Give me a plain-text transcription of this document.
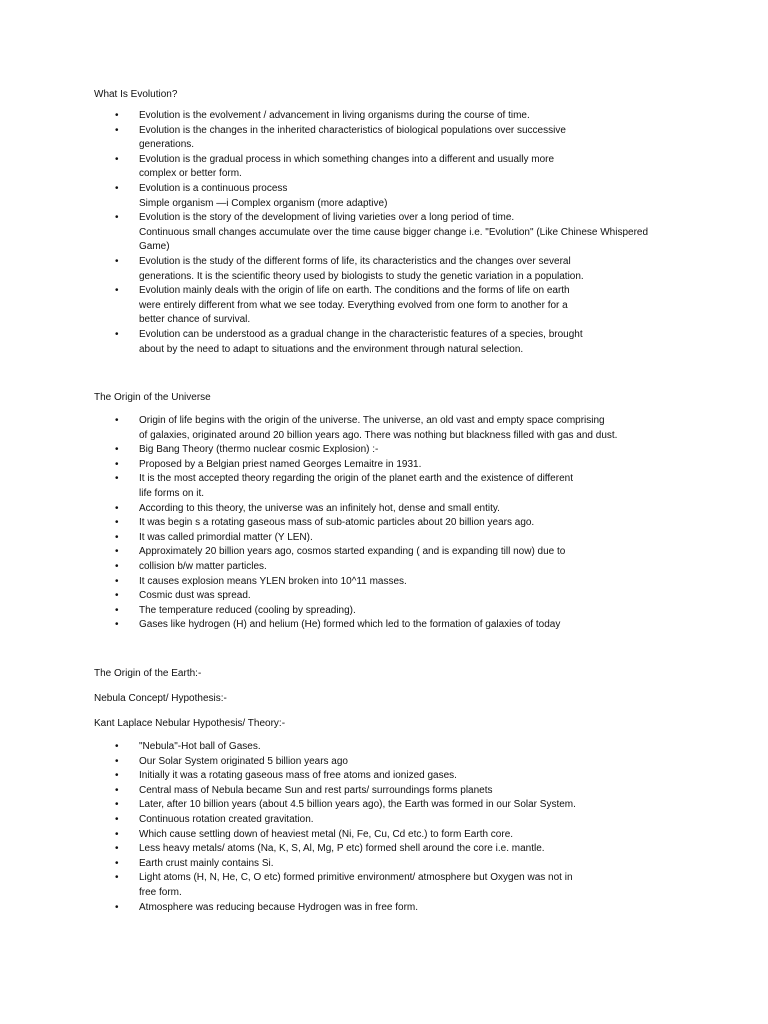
What Is Evolution?
• Evolution is the evolvement / advancement in living organisms during the course of time.
• Evolution is the changes in the inherited characteristics of biological populations over successive
generations.
• Evolution is the gradual process in which something changes into a different and usually more
complex or better form.
• Evolution is a continuous process
Simple organism —i Complex organism (more adaptive)
• Evolution is the story of the development of living varieties over a long period of time.
Continuous small changes accumulate over the time cause bigger change i.e. "Evolution" (Like Chinese Whispered
Game)
• Evolution is the study of the different forms of life, its characteristics and the changes over several
generations. It is the scientific theory used by biologists to study the genetic variation in a population.
• Evolution mainly deals with the origin of life on earth. The conditions and the forms of life on earth
were entirely different from what we see today. Everything evolved from one form to another for a
better chance of survival.
• Evolution can be understood as a gradual change in the characteristic features of a species, brought
about by the need to adapt to situations and the environment through natural selection.
The Origin of the Universe
• Origin of life begins with the origin of the universe. The universe, an old vast and empty space comprising
of galaxies, originated around 20 billion years ago. There was nothing but blackness filled with gas and dust.
• Big Bang Theory (thermo nuclear cosmic Explosion) :-
• Proposed by a Belgian priest named Georges Lemaitre in 1931.
• It is the most accepted theory regarding the origin of the planet earth and the existence of different
life forms on it.
• According to this theory, the universe was an infinitely hot, dense and small entity.
• It was begin s a rotating gaseous mass of sub-atomic particles about 20 billion years ago.
• It was called primordial matter (Y LEN).
• Approximately 20 billion years ago, cosmos started expanding ( and is expanding till now) due to
• collision b/w matter particles.
• It causes explosion means YLEN broken into 10^11 masses.
• Cosmic dust was spread.
• The temperature reduced (cooling by spreading).
• Gases like hydrogen (H) and helium (He) formed which led to the formation of galaxies of today
The Origin of the Earth:-
Nebula Concept/ Hypothesis:-
Kant Laplace Nebular Hypothesis/ Theory:-
• "Nebula"-Hot ball of Gases.
• Our Solar System originated 5 billion years ago
• Initially it was a rotating gaseous mass of free atoms and ionized gases.
• Central mass of Nebula became Sun and rest parts/ surroundings forms planets
• Later, after 10 billion years (about 4.5 billion years ago), the Earth was formed in our Solar System.
• Continuous rotation created gravitation.
• Which cause settling down of heaviest metal (Ni, Fe, Cu, Cd etc.) to form Earth core.
• Less heavy metals/ atoms (Na, K, S, Al, Mg, P etc) formed shell around the core i.e. mantle.
• Earth crust mainly contains Si.
• Light atoms (H, N, He, C, O etc) formed primitive environment/ atmosphere but Oxygen was not in
free form.
• Atmosphere was reducing because Hydrogen was in free form.
